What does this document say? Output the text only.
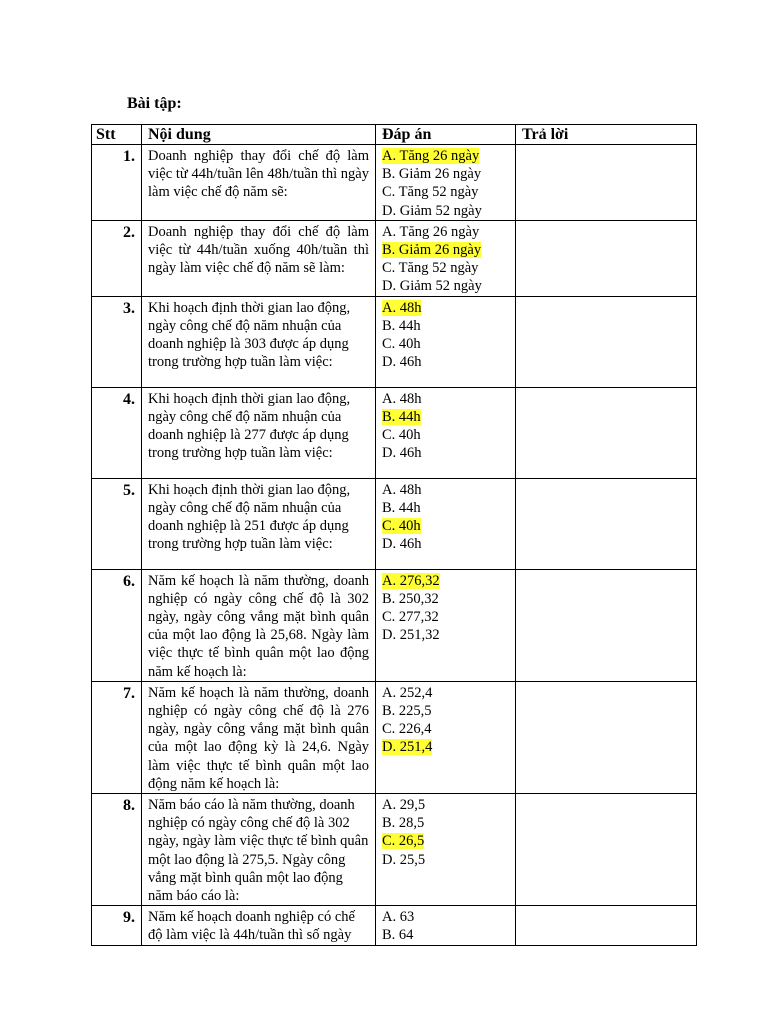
Bài tập:
Stt	Nội dung	Đáp án	Trả lời
1.	Doanh nghiệp thay đổi chế độ làm việc từ 44h/tuần lên 48h/tuần thì ngày làm việc chế độ năm sẽ:	A. Tăng 26 ngày
B. Giảm 26 ngày
C. Tăng 52 ngày
D. Giảm 52 ngày	

2.	Doanh nghiệp thay đổi chế độ làm việc từ 44h/tuần xuống 40h/tuần thì ngày làm việc chế độ năm sẽ làm:	A. Tăng 26 ngày
B. Giảm 26 ngày
C. Tăng 52 ngày
D. Giảm 52 ngày	

3.	Khi hoạch định thời gian lao động, ngày công chế độ năm nhuận của doanh nghiệp là 303 được áp dụng trong trường hợp tuần làm việc:	A. 48h
B. 44h
C. 40h
D. 46h	

4.	Khi hoạch định thời gian lao động, ngày công chế độ năm nhuận của doanh nghiệp là 277 được áp dụng trong trường hợp tuần làm việc:	A. 48h
B. 44h
C. 40h
D. 46h	

5.	Khi hoạch định thời gian lao động, ngày công chế độ năm nhuận của doanh nghiệp là 251 được áp dụng trong trường hợp tuần làm việc:	A. 48h
B. 44h
C. 40h
D. 46h	

6.	Năm kế hoạch là năm thường, doanh nghiệp có ngày công chế độ là 302 ngày, ngày công vắng mặt bình quân của một lao động là 25,68. Ngày làm việc thực tế bình quân một lao động năm kế hoạch là:	A. 276,32
B. 250,32
C. 277,32
D. 251,32	

7.	Năm kế hoạch là năm thường, doanh nghiệp có ngày công chế độ là 276 ngày, ngày công vắng mặt bình quân của một lao động kỳ là 24,6. Ngày làm việc thực tế bình quân một lao động năm kế hoạch là:	A. 252,4
B. 225,5
C. 226,4
D. 251,4	

8.	Năm báo cáo là năm thường, doanh nghiệp có ngày công chế độ là 302 ngày, ngày làm việc thực tế bình quân một lao động là 275,5. Ngày công vắng mặt bình quân một lao động năm báo cáo là:	A. 29,5
B. 28,5
C. 26,5
D. 25,5	

9.	Năm kế hoạch doanh nghiệp có chế độ làm việc là 44h/tuần thì số ngày	A. 63
B. 64	
